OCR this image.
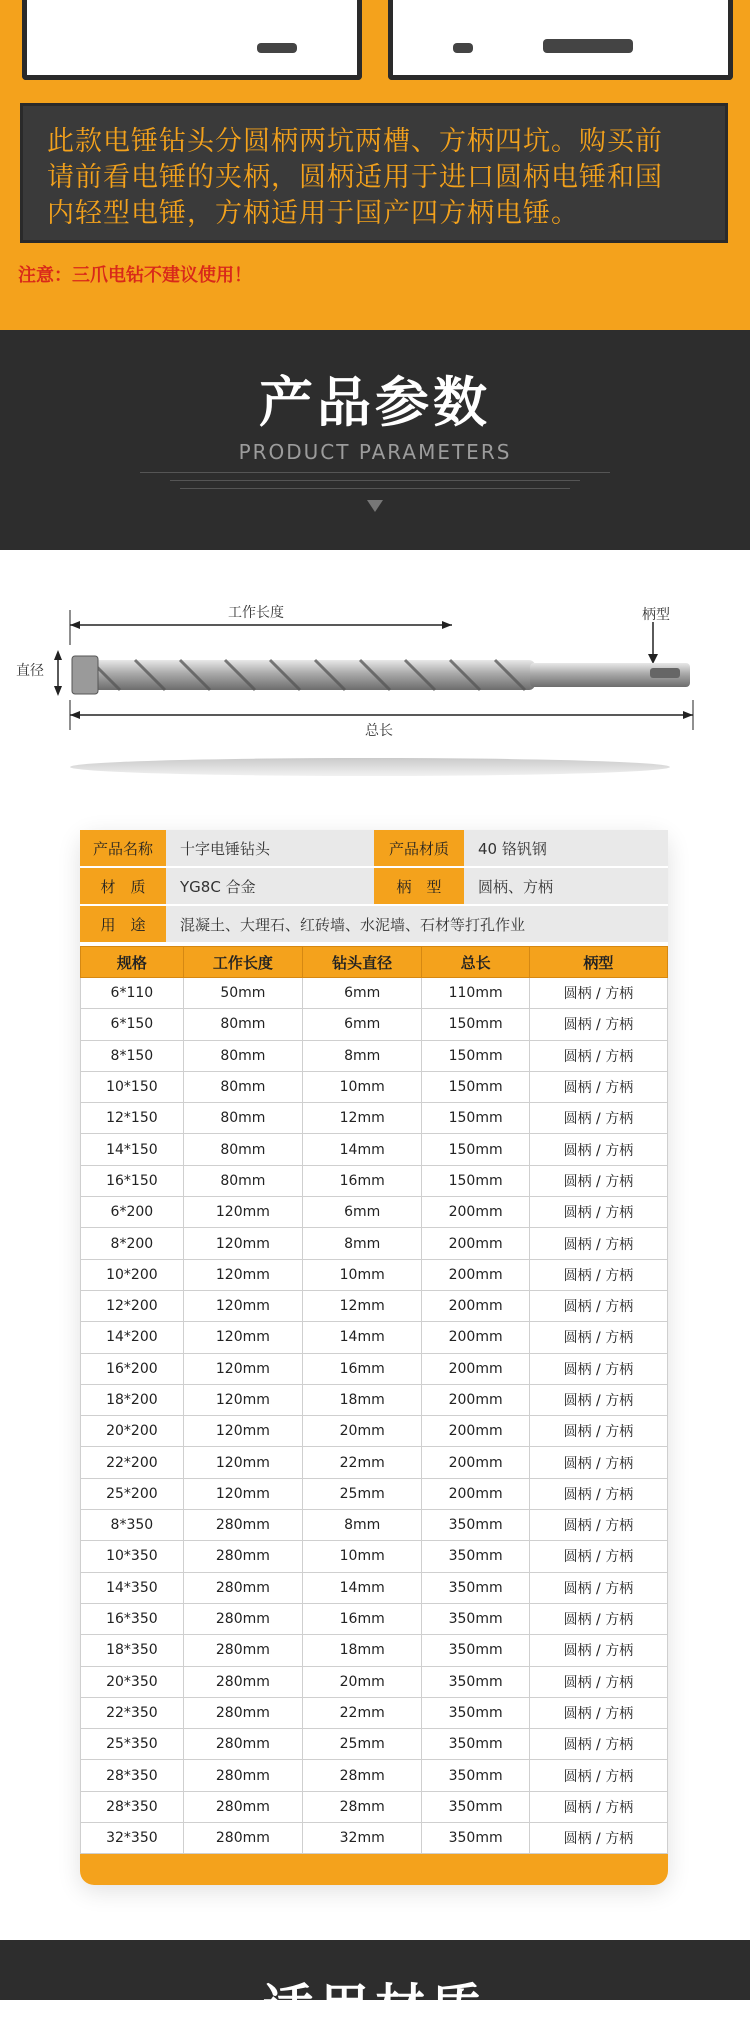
此款电锤钻头分圆柄两坑两槽、方柄四坑。购买前
请前看电锤的夹柄，圆柄适用于进口圆柄电锤和国
内轻型电锤，方柄适用于国产四方柄电锤。

注意：三爪电钻不建议使用！
产品参数
PRODUCT PARAMETERS
工作长度	柄型
直径
总长
产品名称	十字电锤钻头	产品材质	40 铬钒钢
材　质	YG8C 合金	柄　型	圆柄、方柄
用　途	混凝土、大理石、红砖墙、水泥墙、石材等打孔作业
规格	工作长度	钻头直径	总长	柄型
6*110	50mm	6mm	110mm	圆柄 / 方柄
6*150	80mm	6mm	150mm	圆柄 / 方柄
8*150	80mm	8mm	150mm	圆柄 / 方柄
10*150	80mm	10mm	150mm	圆柄 / 方柄
12*150	80mm	12mm	150mm	圆柄 / 方柄
14*150	80mm	14mm	150mm	圆柄 / 方柄
16*150	80mm	16mm	150mm	圆柄 / 方柄
6*200	120mm	6mm	200mm	圆柄 / 方柄
8*200	120mm	8mm	200mm	圆柄 / 方柄
10*200	120mm	10mm	200mm	圆柄 / 方柄
12*200	120mm	12mm	200mm	圆柄 / 方柄
14*200	120mm	14mm	200mm	圆柄 / 方柄
16*200	120mm	16mm	200mm	圆柄 / 方柄
18*200	120mm	18mm	200mm	圆柄 / 方柄
20*200	120mm	20mm	200mm	圆柄 / 方柄
22*200	120mm	22mm	200mm	圆柄 / 方柄
25*200	120mm	25mm	200mm	圆柄 / 方柄
8*350	280mm	8mm	350mm	圆柄 / 方柄
10*350	280mm	10mm	350mm	圆柄 / 方柄
14*350	280mm	14mm	350mm	圆柄 / 方柄
16*350	280mm	16mm	350mm	圆柄 / 方柄
18*350	280mm	18mm	350mm	圆柄 / 方柄
20*350	280mm	20mm	350mm	圆柄 / 方柄
22*350	280mm	22mm	350mm	圆柄 / 方柄
25*350	280mm	25mm	350mm	圆柄 / 方柄
28*350	280mm	28mm	350mm	圆柄 / 方柄
28*350	280mm	28mm	350mm	圆柄 / 方柄
32*350	280mm	32mm	350mm	圆柄 / 方柄
适用材质
